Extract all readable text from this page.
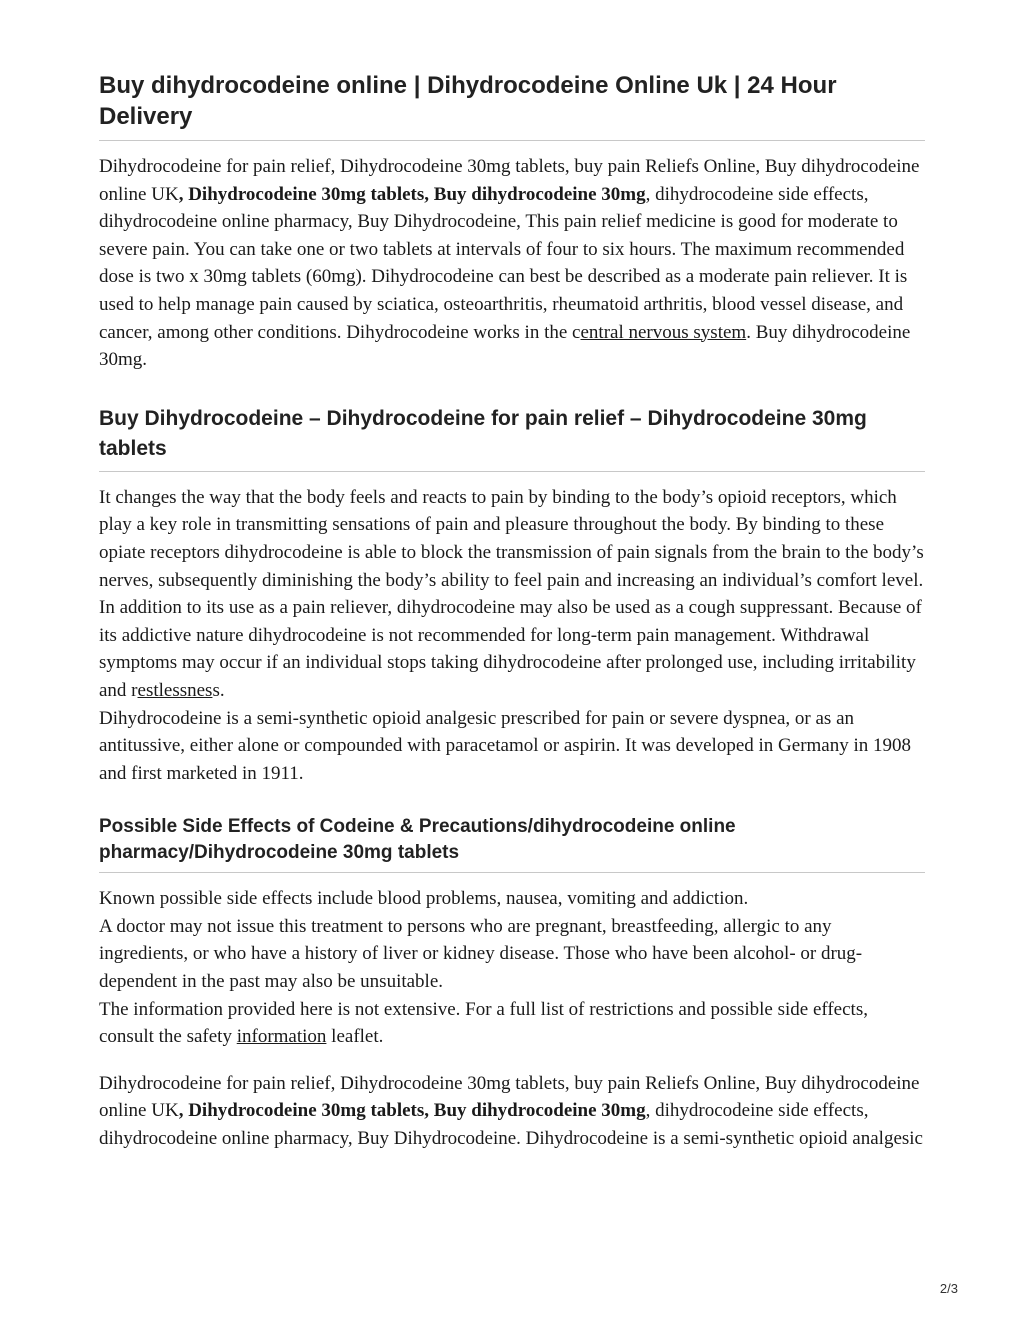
Buy dihydrocodeine online | Dihydrocodeine Online Uk | 24 Hour Delivery

Dihydrocodeine for pain relief, Dihydrocodeine 30mg tablets, buy pain Reliefs Online, Buy dihydrocodeine online UK, Dihydrocodeine 30mg tablets, Buy dihydrocodeine 30mg, dihydrocodeine side effects, dihydrocodeine online pharmacy, Buy Dihydrocodeine, This pain relief medicine is good for moderate to severe pain. You can take one or two tablets at intervals of four to six hours. The maximum recommended dose is two x 30mg tablets (60mg). Dihydrocodeine can best be described as a moderate pain reliever. It is used to help manage pain caused by sciatica, osteoarthritis, rheumatoid arthritis, blood vessel disease, and cancer, among other conditions. Dihydrocodeine works in the central nervous system. Buy dihydrocodeine 30mg.

Buy Dihydrocodeine – Dihydrocodeine for pain relief – Dihydrocodeine 30mg tablets

It changes the way that the body feels and reacts to pain by binding to the body’s opioid receptors, which play a key role in transmitting sensations of pain and pleasure throughout the body. By binding to these opiate receptors dihydrocodeine is able to block the transmission of pain signals from the brain to the body’s nerves, subsequently diminishing the body’s ability to feel pain and increasing an individual’s comfort level. In addition to its use as a pain reliever, dihydrocodeine may also be used as a cough suppressant. Because of its addictive nature dihydrocodeine is not recommended for long-term pain management. Withdrawal symptoms may occur if an individual stops taking dihydrocodeine after prolonged use, including irritability and restlessness.

Dihydrocodeine is a semi-synthetic opioid analgesic prescribed for pain or severe dyspnea, or as an antitussive, either alone or compounded with paracetamol or aspirin. It was developed in Germany in 1908 and first marketed in 1911.

Possible Side Effects of Codeine & Precautions/dihydrocodeine online pharmacy/Dihydrocodeine 30mg tablets

Known possible side effects include blood problems, nausea, vomiting and addiction.

A doctor may not issue this treatment to persons who are pregnant, breastfeeding, allergic to any ingredients, or who have a history of liver or kidney disease. Those who have been alcohol- or drug-dependent in the past may also be unsuitable.

The information provided here is not extensive. For a full list of restrictions and possible side effects, consult the safety information leaflet.

Dihydrocodeine for pain relief, Dihydrocodeine 30mg tablets, buy pain Reliefs Online, Buy dihydrocodeine online UK, Dihydrocodeine 30mg tablets, Buy dihydrocodeine 30mg, dihydrocodeine side effects, dihydrocodeine online pharmacy, Buy Dihydrocodeine. Dihydrocodeine is a semi-synthetic opioid analgesic

2/3
